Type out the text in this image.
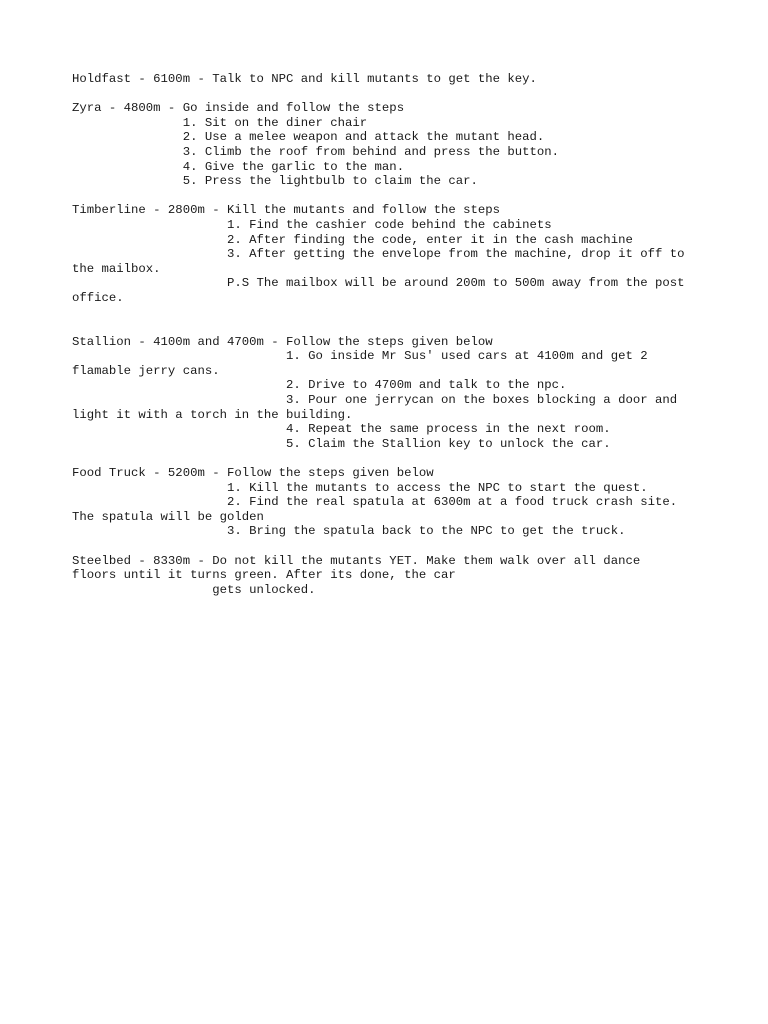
Holdfast - 6100m - Talk to NPC and kill mutants to get the key.
Zyra - 4800m - Go inside and follow the steps
1. Sit on the diner chair
2. Use a melee weapon and attack the mutant head.
3. Climb the roof from behind and press the button.
4. Give the garlic to the man.
5. Press the lightbulb to claim the car.
Timberline - 2800m - Kill the mutants and follow the steps
1. Find the cashier code behind the cabinets
2. After finding the code, enter it in the cash machine
3. After getting the envelope from the machine, drop it off to
the mailbox.
P.S The mailbox will be around 200m to 500m away from the post
office.
Stallion - 4100m and 4700m - Follow the steps given below
1. Go inside Mr Sus' used cars at 4100m and get 2
flamable jerry cans.
2. Drive to 4700m and talk to the npc.
3. Pour one jerrycan on the boxes blocking a door and
light it with a torch in the building.
4. Repeat the same process in the next room.
5. Claim the Stallion key to unlock the car.
Food Truck - 5200m - Follow the steps given below
1. Kill the mutants to access the NPC to start the quest.
2. Find the real spatula at 6300m at a food truck crash site.
The spatula will be golden
3. Bring the spatula back to the NPC to get the truck.
Steelbed - 8330m - Do not kill the mutants YET. Make them walk over all dance
floors until it turns green. After its done, the car
gets unlocked.
